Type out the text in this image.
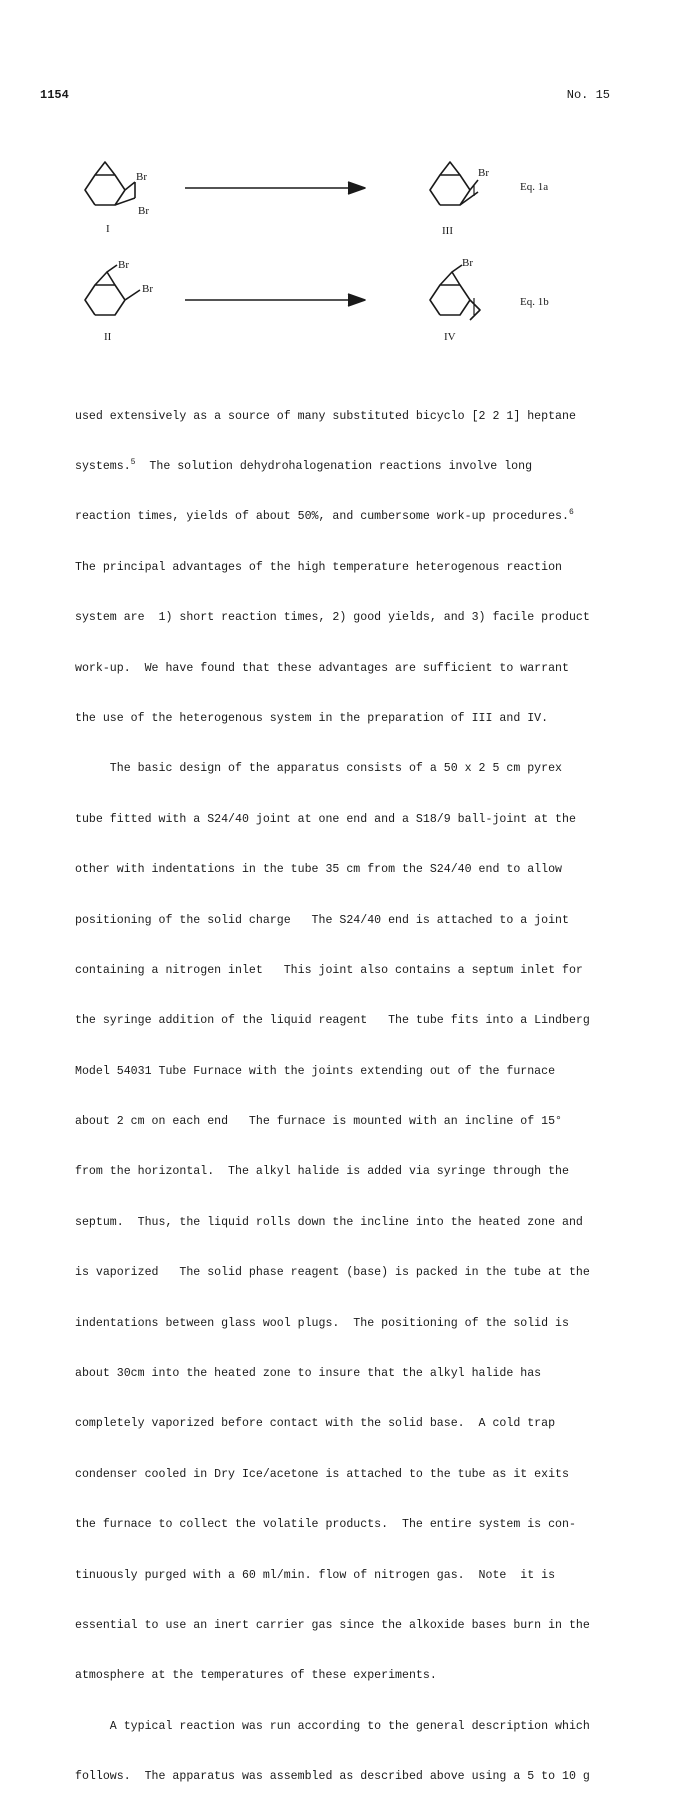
1154	No. 15
Br
Br
I
Br
III
Eq. 1a
Br
Br
II
Br
IV
Eq. 1b

used extensively as a source of many substituted bicyclo [2 2 1] heptane

systems.$^5$  The solution dehydrohalogenation reactions involve long

reaction times, yields of about 50%, and cumbersome work-up procedures.$^6$

The principal advantages of the high temperature heterogenous reaction

system are  1) short reaction times, 2) good yields, and 3) facile product

work-up.  We have found that these advantages are sufficient to warrant

the use of the heterogenous system in the preparation of III and IV.

The basic design of the apparatus consists of a 50 x 2 5 cm pyrex

tube fitted with a S24/40 joint at one end and a S18/9 ball-joint at the

other with indentations in the tube 35 cm from the S24/40 end to allow

positioning of the solid charge   The S24/40 end is attached to a joint

containing a nitrogen inlet   This joint also contains a septum inlet for

the syringe addition of the liquid reagent   The tube fits into a Lindberg

Model 54031 Tube Furnace with the joints extending out of the furnace

about 2 cm on each end   The furnace is mounted with an incline of 15°

from the horizontal.  The alkyl halide is added via syringe through the

septum.  Thus, the liquid rolls down the incline into the heated zone and

is vaporized   The solid phase reagent (base) is packed in the tube at the

indentations between glass wool plugs.  The positioning of the solid is

about 30cm into the heated zone to insure that the alkyl halide has

completely vaporized before contact with the solid base.  A cold trap

condenser cooled in Dry Ice/acetone is attached to the tube as it exits

the furnace to collect the volatile products.  The entire system is con-

tinuously purged with a 60 ml/min. flow of nitrogen gas.  Note  it is

essential to use an inert carrier gas since the alkoxide bases burn in the

atmosphere at the temperatures of these experiments.

A typical reaction was run according to the general description which

follows.  The apparatus was assembled as described above using a 5 to 10 g
